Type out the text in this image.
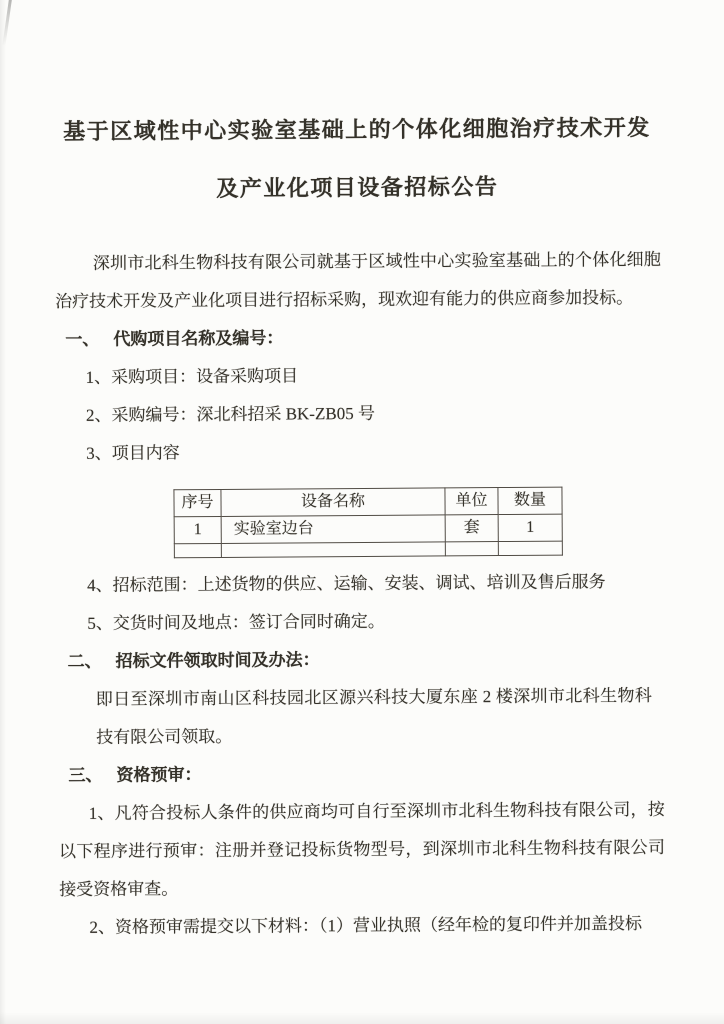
基于区域性中心实验室基础上的个体化细胞治疗技术开发
及产业化项目设备招标公告

深圳市北科生物科技有限公司就基于区域性中心实验室基础上的个体化细胞治疗技术开发及产业化项目进行招标采购，现欢迎有能力的供应商参加投标。

一、 代购项目名称及编号：

1、采购项目：设备采购项目

2、采购编号：深北科招采 BK-ZB05 号

3、项目内容

序号	设备名称	单位	数量
1	实验室边台	套	1

4、招标范围：上述货物的供应、运输、安装、调试、培训及售后服务

5、交货时间及地点：签订合同时确定。

二、 招标文件领取时间及办法：

即日至深圳市南山区科技园北区源兴科技大厦东座 2 楼深圳市北科生物科技有限公司领取。

三、 资格预审：

1、凡符合投标人条件的供应商均可自行至深圳市北科生物科技有限公司，按以下程序进行预审：注册并登记投标货物型号，到深圳市北科生物科技有限公司接受资格审查。

2、资格预审需提交以下材料：（1）营业执照（经年检的复印件并加盖投标
